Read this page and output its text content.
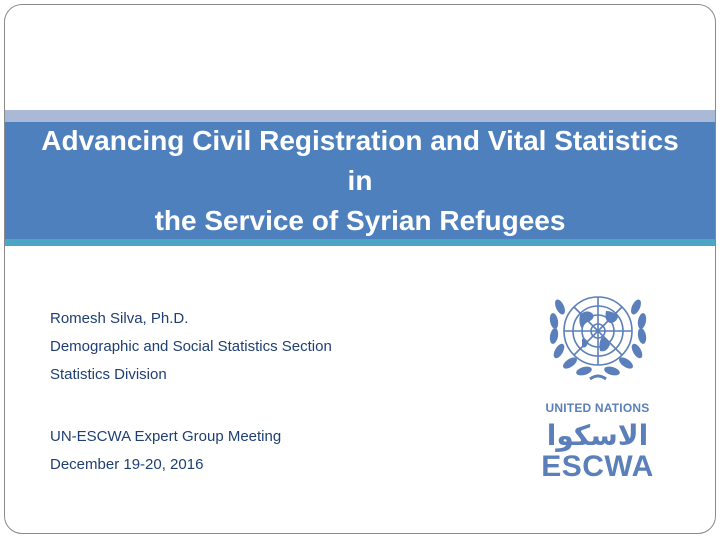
Advancing Civil Registration and Vital Statistics in
the Service of Syrian Refugees
Romesh Silva, Ph.D.
Demographic and Social Statistics Section
Statistics Division
UN-ESCWA Expert Group Meeting
December 19-20, 2016
UNITED NATIONS
الاسكوا
ESCWA
